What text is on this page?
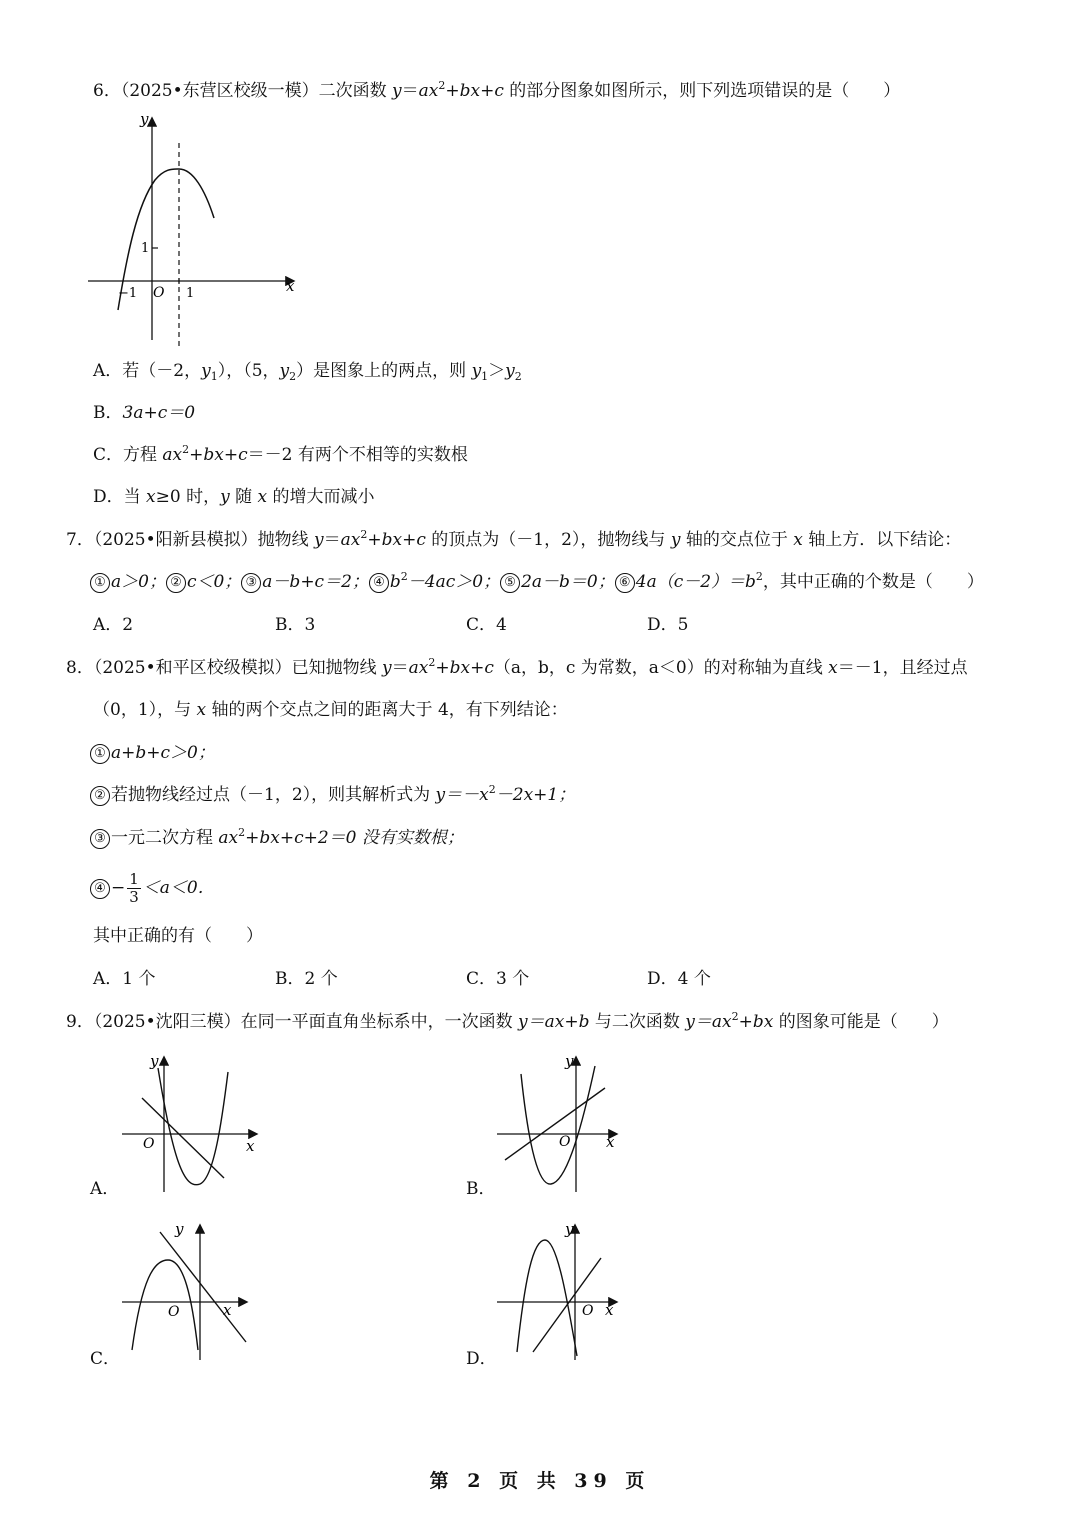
6．（2025•东营区校级一模）二次函数 $y=ax^2+bx+c$ 的部分图象如图所示，则下列选项错误的是（　　）
y
x
1
−1 O 1
A．若（－2，$y_1$），（5，$y_2$）是图象上的两点，则 $y_1>y_2$
B．3a+c＝0
C．方程 $ax^2+bx+c=-2$ 有两个不相等的实数根
D．当 x≥0 时，y 随 x 的增大而减小
7．（2025•阳新县模拟）抛物线 $y=ax^2+bx+c$ 的顶点为（－1，2），抛物线与 y 轴的交点位于 x 轴上方．以下结论：
① a＞0； ② c＜0； ③ a－b+c＝2； ④ $b^2-4ac>0$； ⑤ 2a－b＝0； ⑥ $4a(c-2)=b^2$，其中正确的个数是（　　）
A．2	B．3	C．4	D．5
8．（2025•和平区校级模拟）已知抛物线 $y=ax^2+bx+c(a$，b，c 为常数，a＜0）的对称轴为直线 x＝－1，且经过点
（0，1），与 x 轴的两个交点之间的距离大于 4，有下列结论：
① a+b+c＞0；
② 若抛物线经过点（－1，2），则其解析式为 $y=-x^2-2x+1$；
③ 一元二次方程 $ax^2+bx+c+2=0$ 没有实数根；
④ − $\frac{1}{3} <a<0$．
其中正确的有（　　）
A．1 个	B．2 个	C．3 个	D．4 个
9．（2025•沈阳三模）在同一平面直角坐标系中，一次函数 y＝ax+b 与二次函数 $y=ax^2+bx$ 的图象可能是（　　）
y
x
O
A．
y
x
O
B．
y
x
O
C．
y
x
O
D．
第 2 页 共 39 页
